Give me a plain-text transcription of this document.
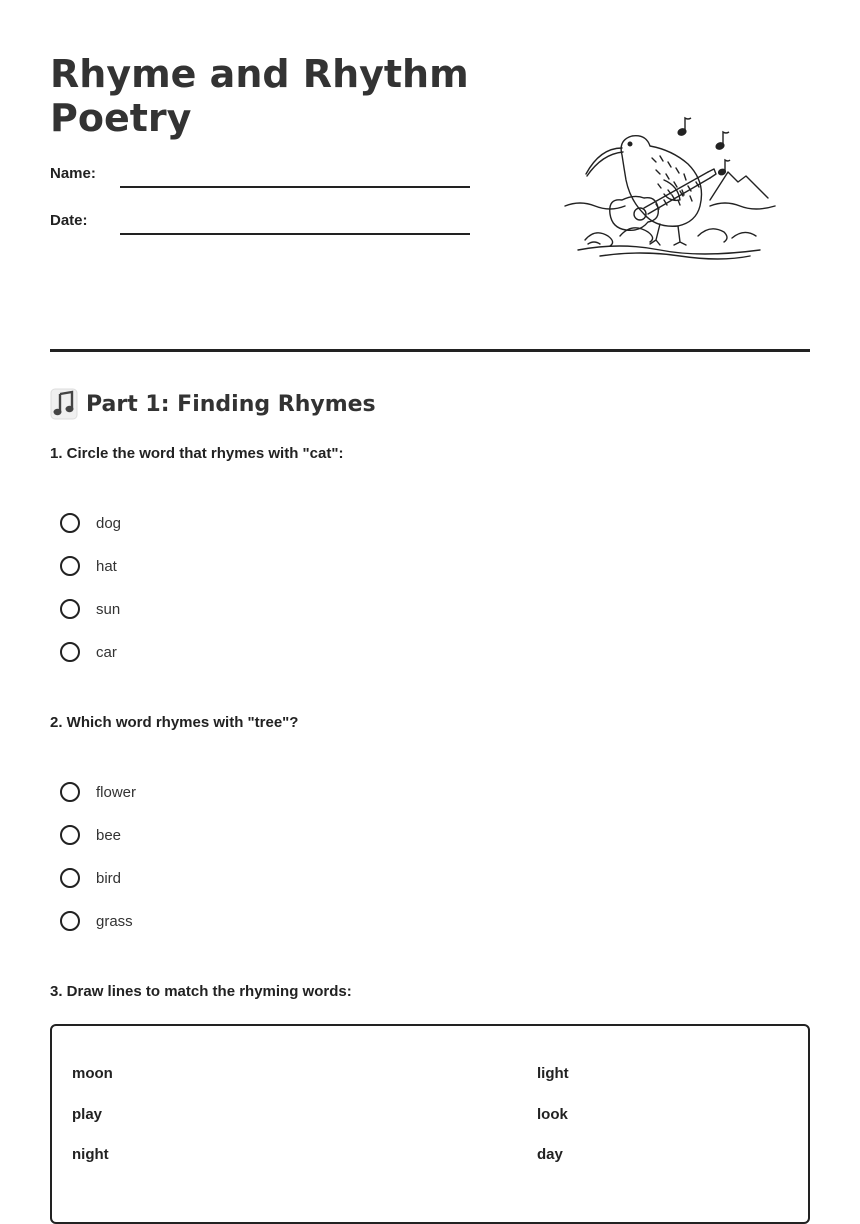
Rhyme and Rhythm Poetry
Name:
Date:
Part 1: Finding Rhymes
1. Circle the word that rhymes with "cat":
dog
hat
sun
car
2. Which word rhymes with "tree"?
flower
bee
bird
grass
3. Draw lines to match the rhyming words:
moon
play
night
light
look
day
